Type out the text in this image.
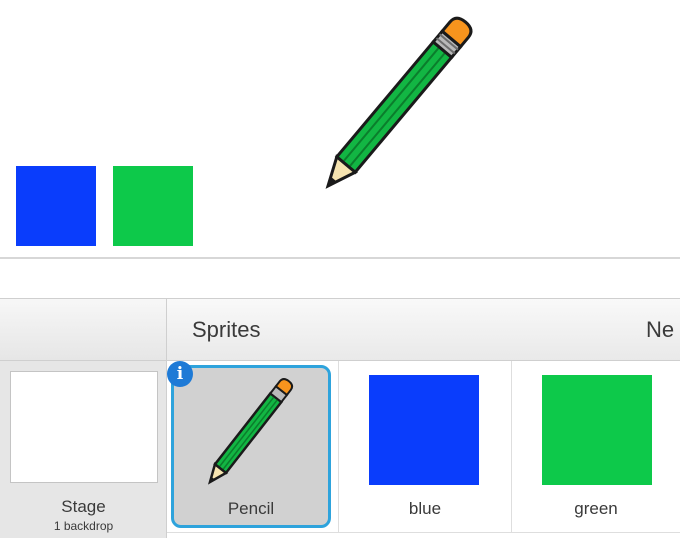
Sprites	Ne
Stage
1 backdrop
Pencil
i
blue	green
